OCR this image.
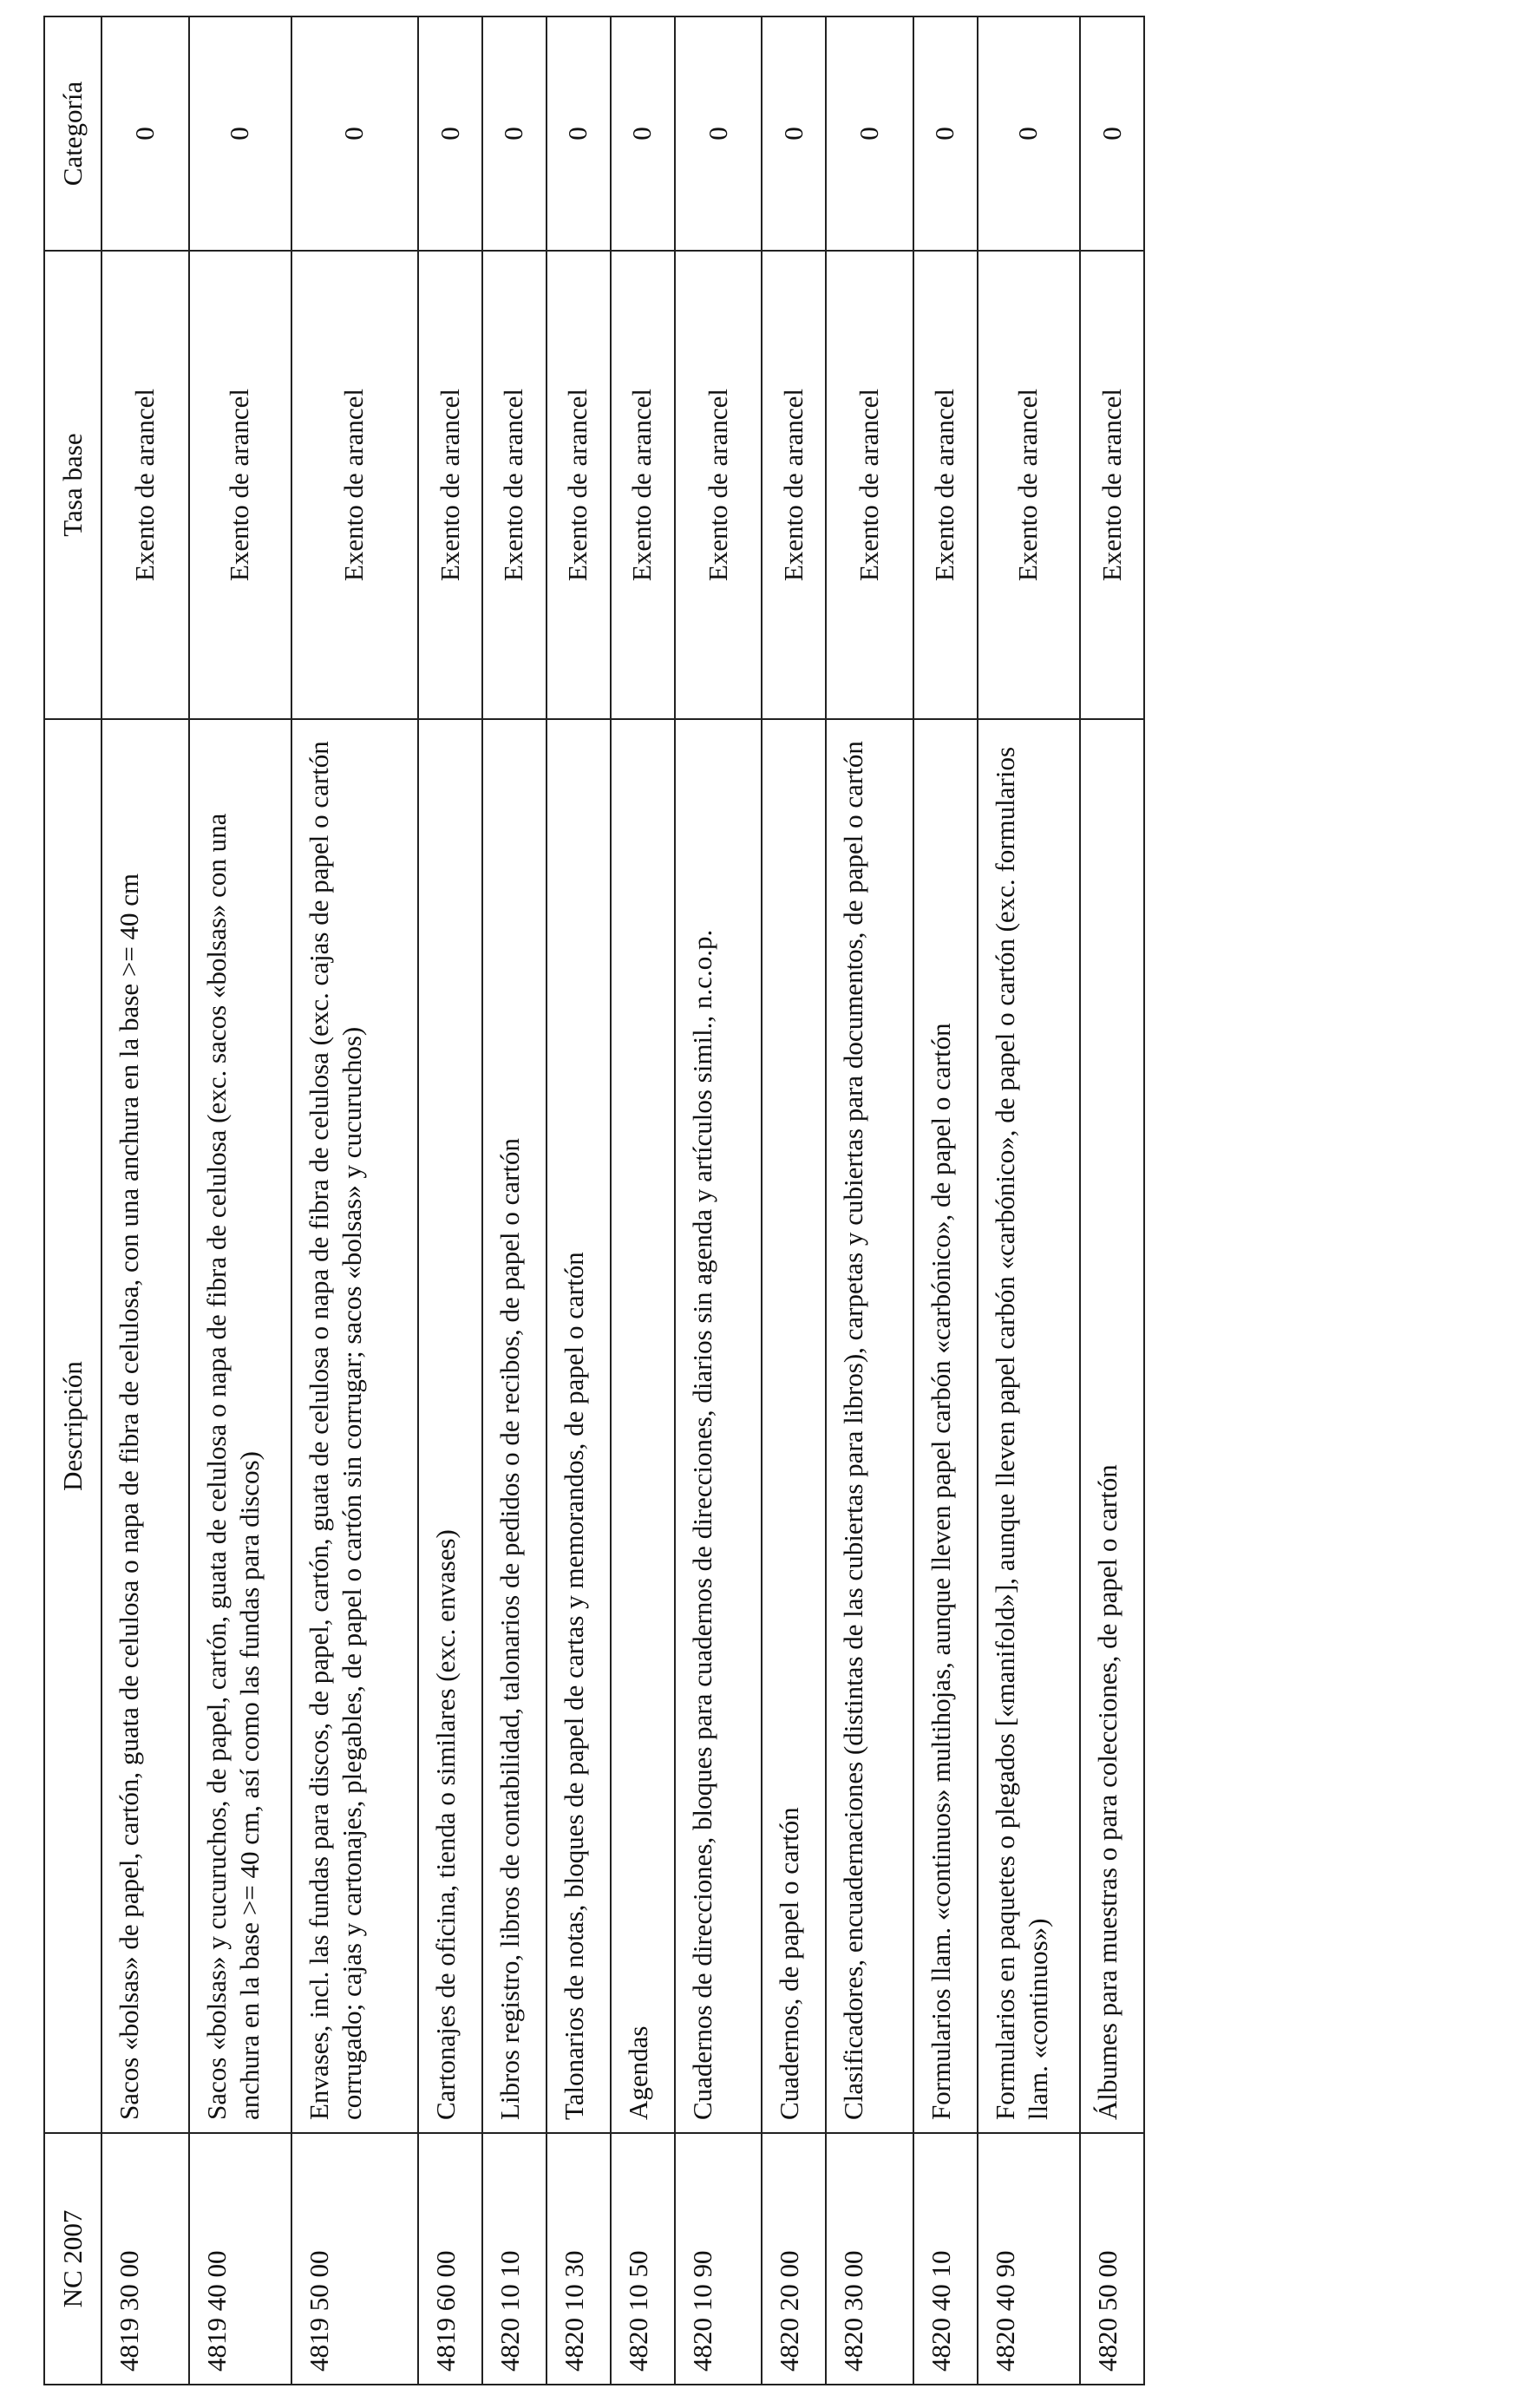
NC 2007	Descripción	Tasa base	Categoría
4819 30 00	Sacos «bolsas» de papel, cartón, guata de celulosa o napa de fibra de celulosa, con una anchura en la base >= 40 cm	Exento de arancel	0
4819 40 00	Sacos «bolsas» y cucuruchos, de papel, cartón, guata de celulosa o napa de fibra de celulosa (exc. sacos «bolsas» con una anchura en la base >= 40 cm, así como las fundas para discos)	Exento de arancel	0
4819 50 00	Envases, incl. las fundas para discos, de papel, cartón, guata de celulosa o napa de fibra de celulosa (exc. cajas de papel o cartón corrugado; cajas y cartonajes, plegables, de papel o cartón sin corrugar; sacos «bolsas» y cucuruchos)	Exento de arancel	0
4819 60 00	Cartonajes de oficina, tienda o similares (exc. envases)	Exento de arancel	0
4820 10 10	Libros registro, libros de contabilidad, talonarios de pedidos o de recibos, de papel o cartón	Exento de arancel	0
4820 10 30	Talonarios de notas, bloques de papel de cartas y memorandos, de papel o cartón	Exento de arancel	0
4820 10 50	Agendas	Exento de arancel	0
4820 10 90	Cuadernos de direcciones, bloques para cuadernos de direcciones, diarios sin agenda y artículos simil., n.c.o.p.	Exento de arancel	0
4820 20 00	Cuadernos, de papel o cartón	Exento de arancel	0
4820 30 00	Clasificadores, encuadernaciones (distintas de las cubiertas para libros), carpetas y cubiertas para documentos, de papel o cartón	Exento de arancel	0
4820 40 10	Formularios llam. «continuos» multihojas, aunque lleven papel carbón «carbónico», de papel o cartón	Exento de arancel	0
4820 40 90	Formularios en paquetes o plegados [«manifold»], aunque lleven papel carbón «carbónico», de papel o cartón (exc. formularios llam. «continuos»)	Exento de arancel	0
4820 50 00	Álbumes para muestras o para colecciones, de papel o cartón	Exento de arancel	0
